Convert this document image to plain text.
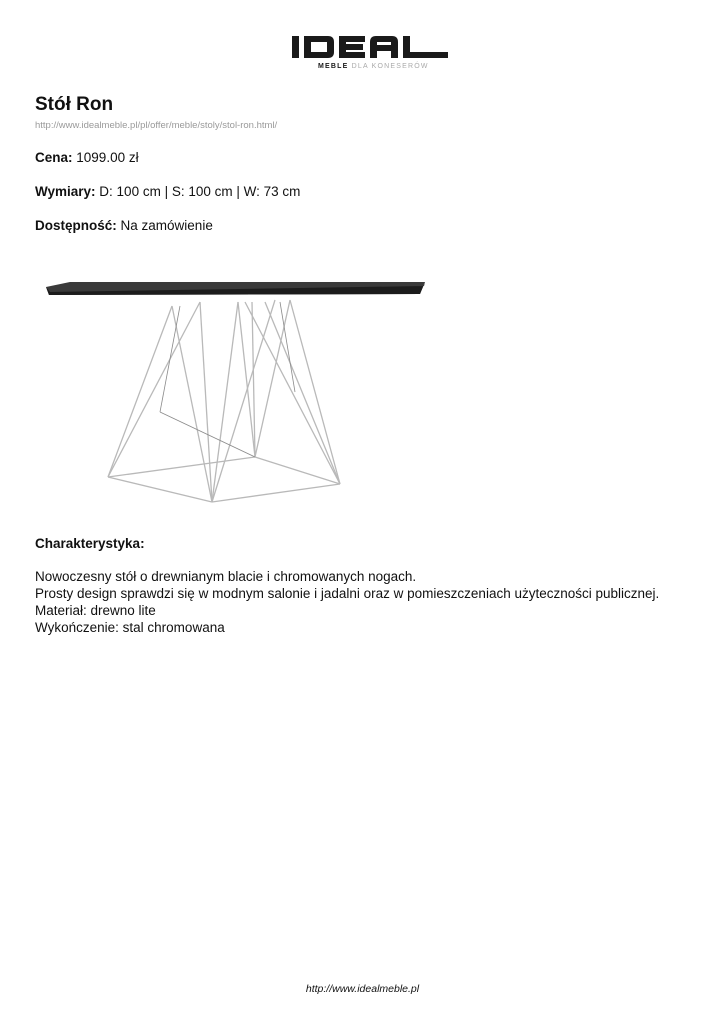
MEBLE DLA KONESERÓW
Stół Ron
http://www.idealmeble.pl/pl/offer/meble/stoly/stol-ron.html/
Cena: 1099.00 zł
Wymiary: D: 100 cm | S: 100 cm | W: 73 cm
Dostępność: Na zamówienie
Charakterystyka:
Nowoczesny stół o drewnianym blacie i chromowanych nogach.
Prosty design sprawdzi się w modnym salonie i jadalni oraz w pomieszczeniach użyteczności publicznej.
Materiał: drewno lite
Wykończenie: stal chromowana
http://www.idealmeble.pl
